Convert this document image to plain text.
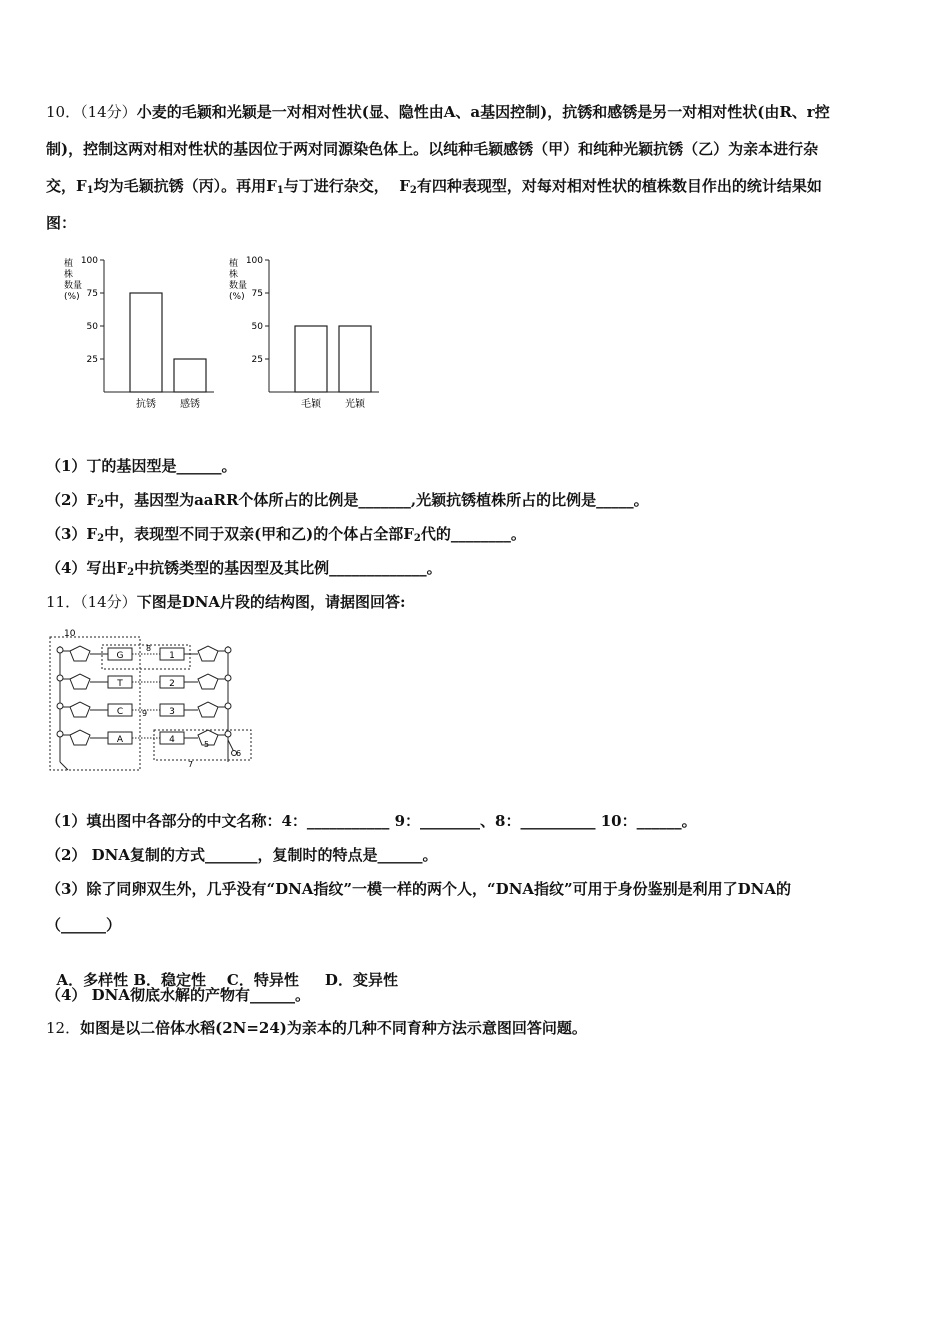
10．（14分）小麦的毛颖和光颖是一对相对性状(显、隐性由A、a基因控制)，抗锈和感锈是另一对相对性状(由R、r控
制)，控制这两对相对性状的基因位于两对同源染色体上。以纯种毛颖感锈（甲）和纯种光颖抗锈（乙）为亲本进行杂
交，$F_1$均为毛颖抗锈（丙）。再用$F_1$与丁进行杂交，  $F_2$有四种表现型，对每对相对性状的植株数目作出的统计结果如
图：
植
株
数量
(%)
100
75
50
25
抗锈 感锈
植
株
数量
(%)
100
75
50
25
毛颖 光颖
（1）丁的基因型是______。
$(2)F_2$中，基因型为aaRR个体所占的比例是_______,光颖抗锈植株所占的比例是_____。
$(3)F_2$中，表现型不同于双亲(甲和乙)的个体占全部$F_2$代的________。
（4）写出$F_2$中抗锈类型的基因型及其比例_____________。
11．（14分）下图是DNA片段的结构图，请据图回答:
10
8
7
G	1
T	2
C	3
A	4
9
5
6
（1）填出图中各部分的中文名称：4：___________ 9：________、8：__________ 10：______。
（2） DNA复制的方式_______，复制时的特点是______。
（3）除了同卵双生外，几乎没有“DNA指纹”一模一样的两个人，“DNA指纹”可用于身份鉴别是利用了DNA的
（______）

A．多样性 B．稳定性    C．特异性     D．变异性

（4） DNA彻底水解的产物有______。
12．如图是以二倍体水稻(2N=24)为亲本的几种不同育种方法示意图回答问题。
